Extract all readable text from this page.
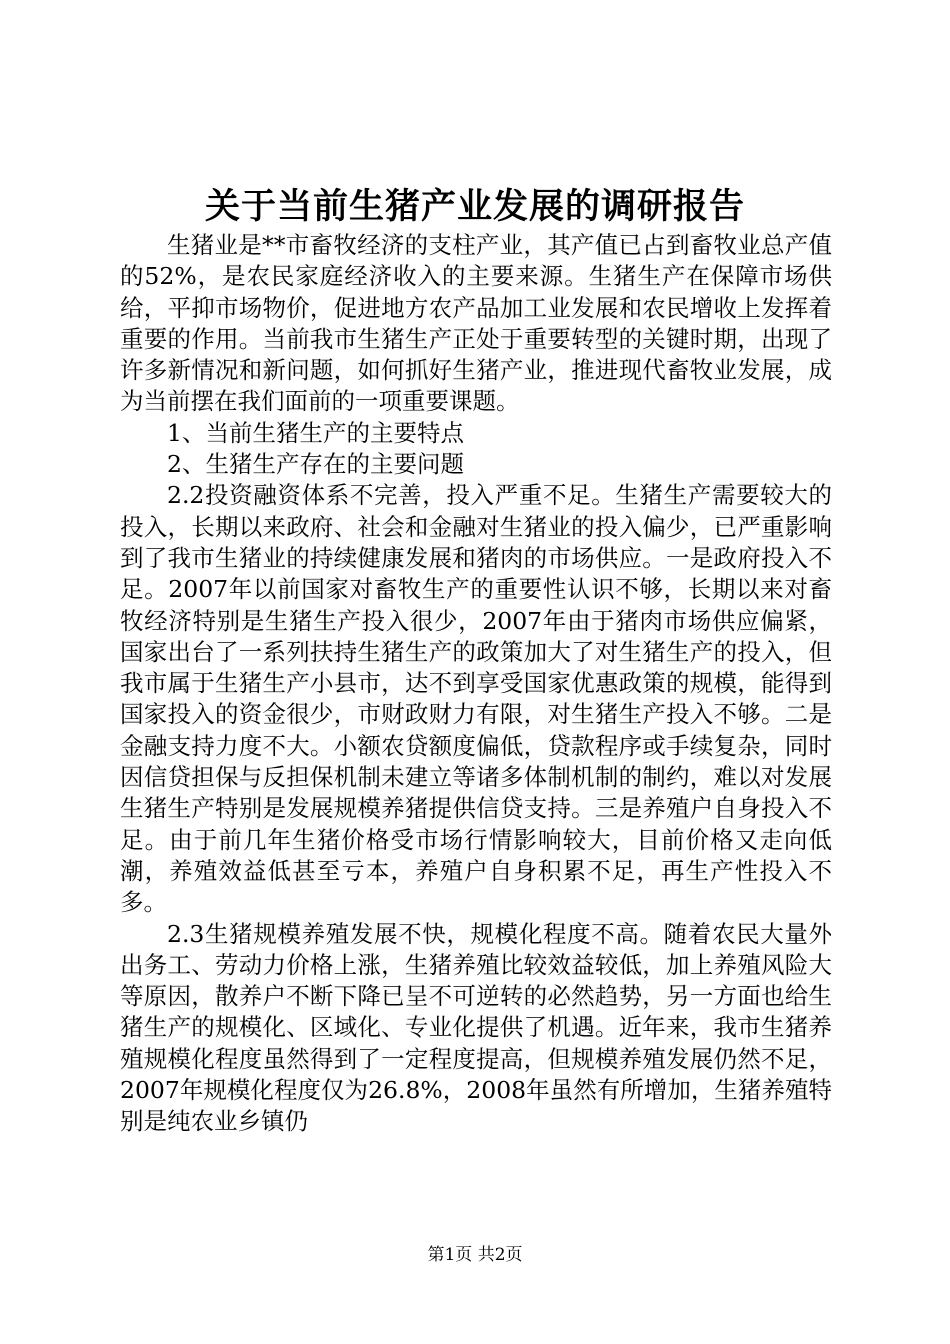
关于当前生猪产业发展的调研报告

生猪业是**市畜牧经济的支柱产业，其产值已占到畜牧业总产值的52%，是农民家庭经济收入的主要来源。生猪生产在保障市场供给，平抑市场物价，促进地方农产品加工业发展和农民增收上发挥着重要的作用。当前我市生猪生产正处于重要转型的关键时期，出现了许多新情况和新问题，如何抓好生猪产业，推进现代畜牧业发展，成为当前摆在我们面前的一项重要课题。

1、当前生猪生产的主要特点

2、生猪生产存在的主要问题

2.2投资融资体系不完善，投入严重不足。生猪生产需要较大的投入，长期以来政府、社会和金融对生猪业的投入偏少，已严重影响到了我市生猪业的持续健康发展和猪肉的市场供应。一是政府投入不足。2007年以前国家对畜牧生产的重要性认识不够，长期以来对畜牧经济特别是生猪生产投入很少，2007年由于猪肉市场供应偏紧，国家出台了一系列扶持生猪生产的政策加大了对生猪生产的投入，但我市属于生猪生产小县市，达不到享受国家优惠政策的规模，能得到国家投入的资金很少，市财政财力有限，对生猪生产投入不够。二是金融支持力度不大。小额农贷额度偏低，贷款程序或手续复杂，同时因信贷担保与反担保机制未建立等诸多体制机制的制约，难以对发展生猪生产特别是发展规模养猪提供信贷支持。三是养殖户自身投入不足。由于前几年生猪价格受市场行情影响较大，目前价格又走向低潮，养殖效益低甚至亏本，养殖户自身积累不足，再生产性投入不多。

2.3生猪规模养殖发展不快，规模化程度不高。随着农民大量外出务工、劳动力价格上涨，生猪养殖比较效益较低，加上养殖风险大等原因，散养户不断下降已呈不可逆转的必然趋势，另一方面也给生猪生产的规模化、区域化、专业化提供了机遇。近年来，我市生猪养殖规模化程度虽然得到了一定程度提高，但规模养殖发展仍然不足，2007年规模化程度仅为26.8%，2008年虽然有所增加，生猪养殖特别是纯农业乡镇仍

第1页 共2页
